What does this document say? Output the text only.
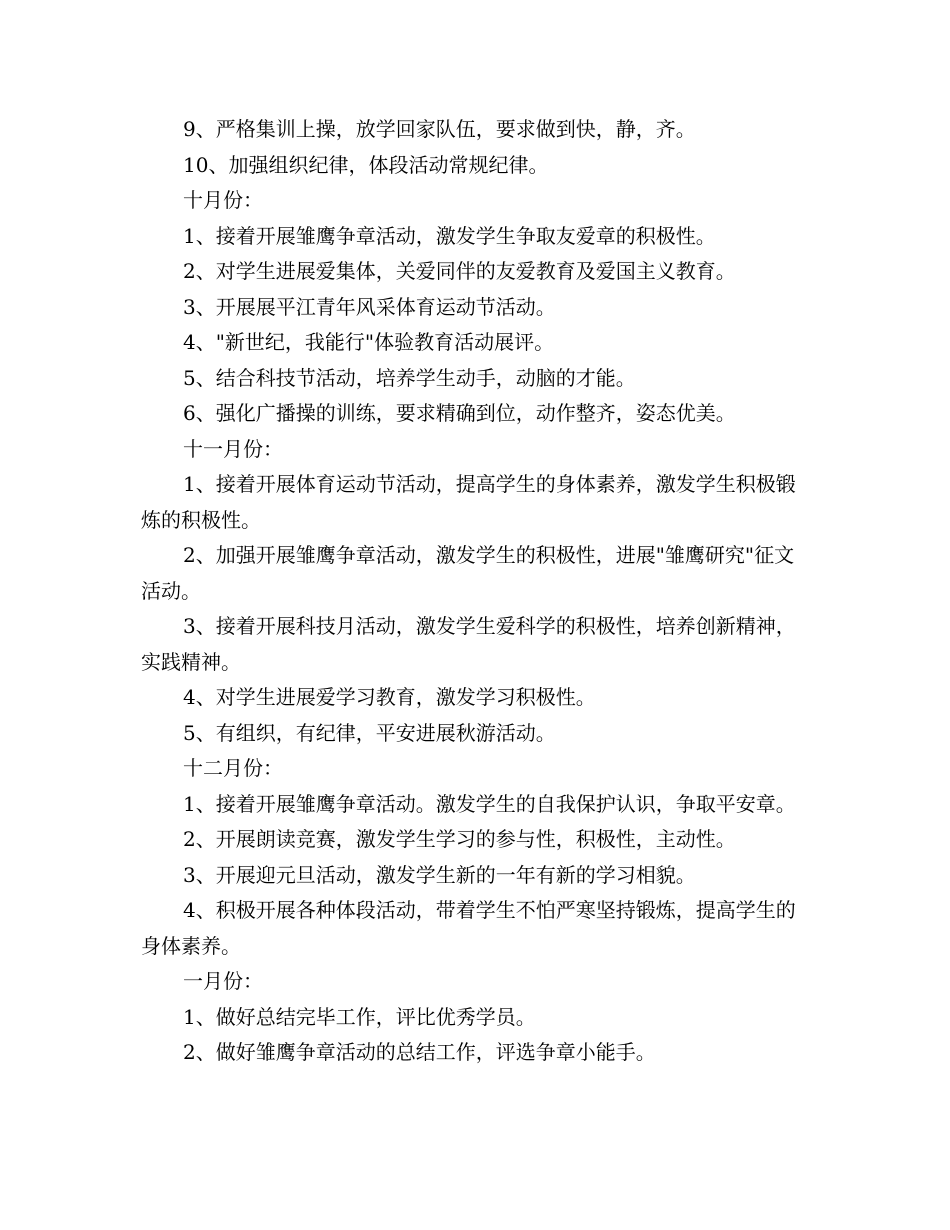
9、严格集训上操，放学回家队伍，要求做到快，静，齐。

10、加强组织纪律，体段活动常规纪律。

十月份：

1、接着开展雏鹰争章活动，激发学生争取友爱章的积极性。

2、对学生进展爱集体，关爱同伴的友爱教育及爱国主义教育。

3、开展展平江青年风采体育运动节活动。

4、"新世纪，我能行"体验教育活动展评。

5、结合科技节活动，培养学生动手，动脑的才能。

6、强化广播操的训练，要求精确到位，动作整齐，姿态优美。

十一月份：

1、接着开展体育运动节活动，提高学生的身体素养，激发学生积极锻炼的积极性。

2、加强开展雏鹰争章活动，激发学生的积极性，进展"雏鹰研究"征文活动。

3、接着开展科技月活动，激发学生爱科学的积极性，培养创新精神，实践精神。

4、对学生进展爱学习教育，激发学习积极性。

5、有组织，有纪律，平安进展秋游活动。

十二月份：

1、接着开展雏鹰争章活动。激发学生的自我保护认识，争取平安章。

2、开展朗读竞赛，激发学生学习的参与性，积极性，主动性。

3、开展迎元旦活动，激发学生新的一年有新的学习相貌。

4、积极开展各种体段活动，带着学生不怕严寒坚持锻炼，提高学生的身体素养。

一月份：

1、做好总结完毕工作，评比优秀学员。

2、做好雏鹰争章活动的总结工作，评选争章小能手。
